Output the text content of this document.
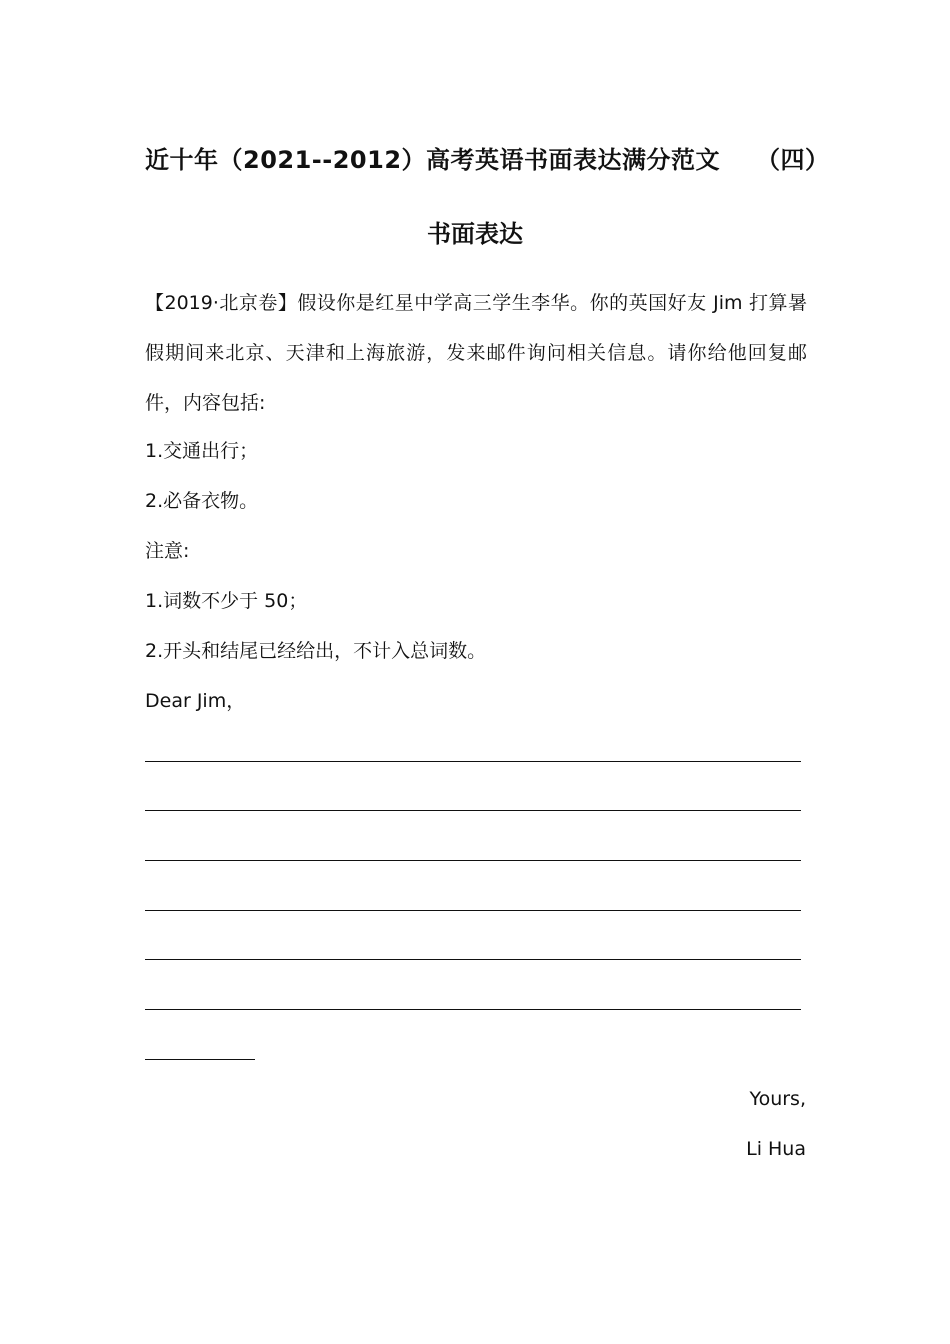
近十年（2021--2012）高考英语书面表达满分范文 （四）
书面表达
【2019·北京卷】假设你是红星中学高三学生李华。你的英国好友 Jim 打算暑假期间来北京、天津和上海旅游，发来邮件询问相关信息。请你给他回复邮件，内容包括:
1.交通出行；
2.必备衣物。
注意:
1.词数不少于 50；
2.开头和结尾已经给出，不计入总词数。
Dear Jim，
Yours,
Li Hua
